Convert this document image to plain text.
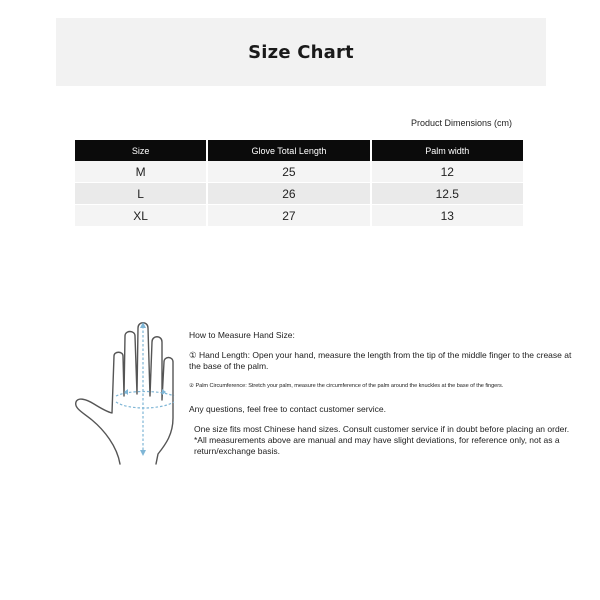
Size Chart
Product Dimensions (cm)
Size	Glove Total Length	Palm width
M	25	12
L	26	12.5
XL	27	13

How to Measure Hand Size:

① Hand Length: Open your hand, measure the length from the tip of the middle finger to the crease at the base of the palm.

② Palm Circumference: Stretch your palm, measure the circumference of the palm around the knuckles at the base of the fingers.

Any questions, feel free to contact customer service.

One size fits most Chinese hand sizes. Consult customer service if in doubt before placing an order. *All measurements above are manual and may have slight deviations, for reference only, not as a return/exchange basis.
